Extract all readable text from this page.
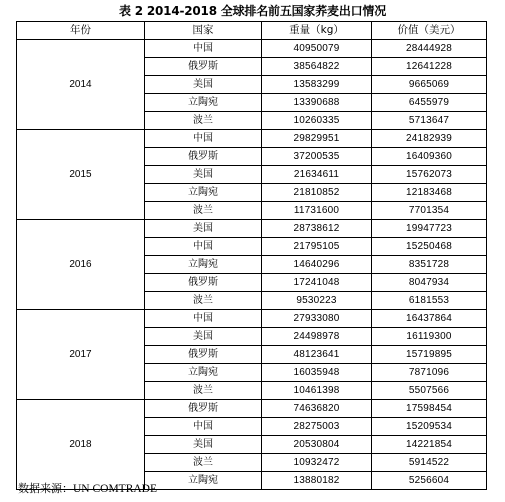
表 2 2014-2018 全球排名前五国家荞麦出口情况
年份	国家	重量（kg）	价值（美元）
2014	中国	40950079	28444928
	俄罗斯	38564822	12641228
	美国	13583299	9665069
	立陶宛	13390688	6455979
	波兰	10260335	5713647
2015	中国	29829951	24182939
	俄罗斯	37200535	16409360
	美国	21634611	15762073
	立陶宛	21810852	12183468
	波兰	11731600	7701354
2016	美国	28738612	19947723
	中国	21795105	15250468
	立陶宛	14640296	8351728
	俄罗斯	17241048	8047934
	波兰	9530223	6181553
2017	中国	27933080	16437864
	美国	24498978	16119300
	俄罗斯	48123641	15719895
	立陶宛	16035948	7871096
	波兰	10461398	5507566
2018	俄罗斯	74636820	17598454
	中国	28275003	15209534
	美国	20530804	14221854
	波兰	10932472	5914522
	立陶宛	13880182	5256604
数据来源：UN COMTRADE
